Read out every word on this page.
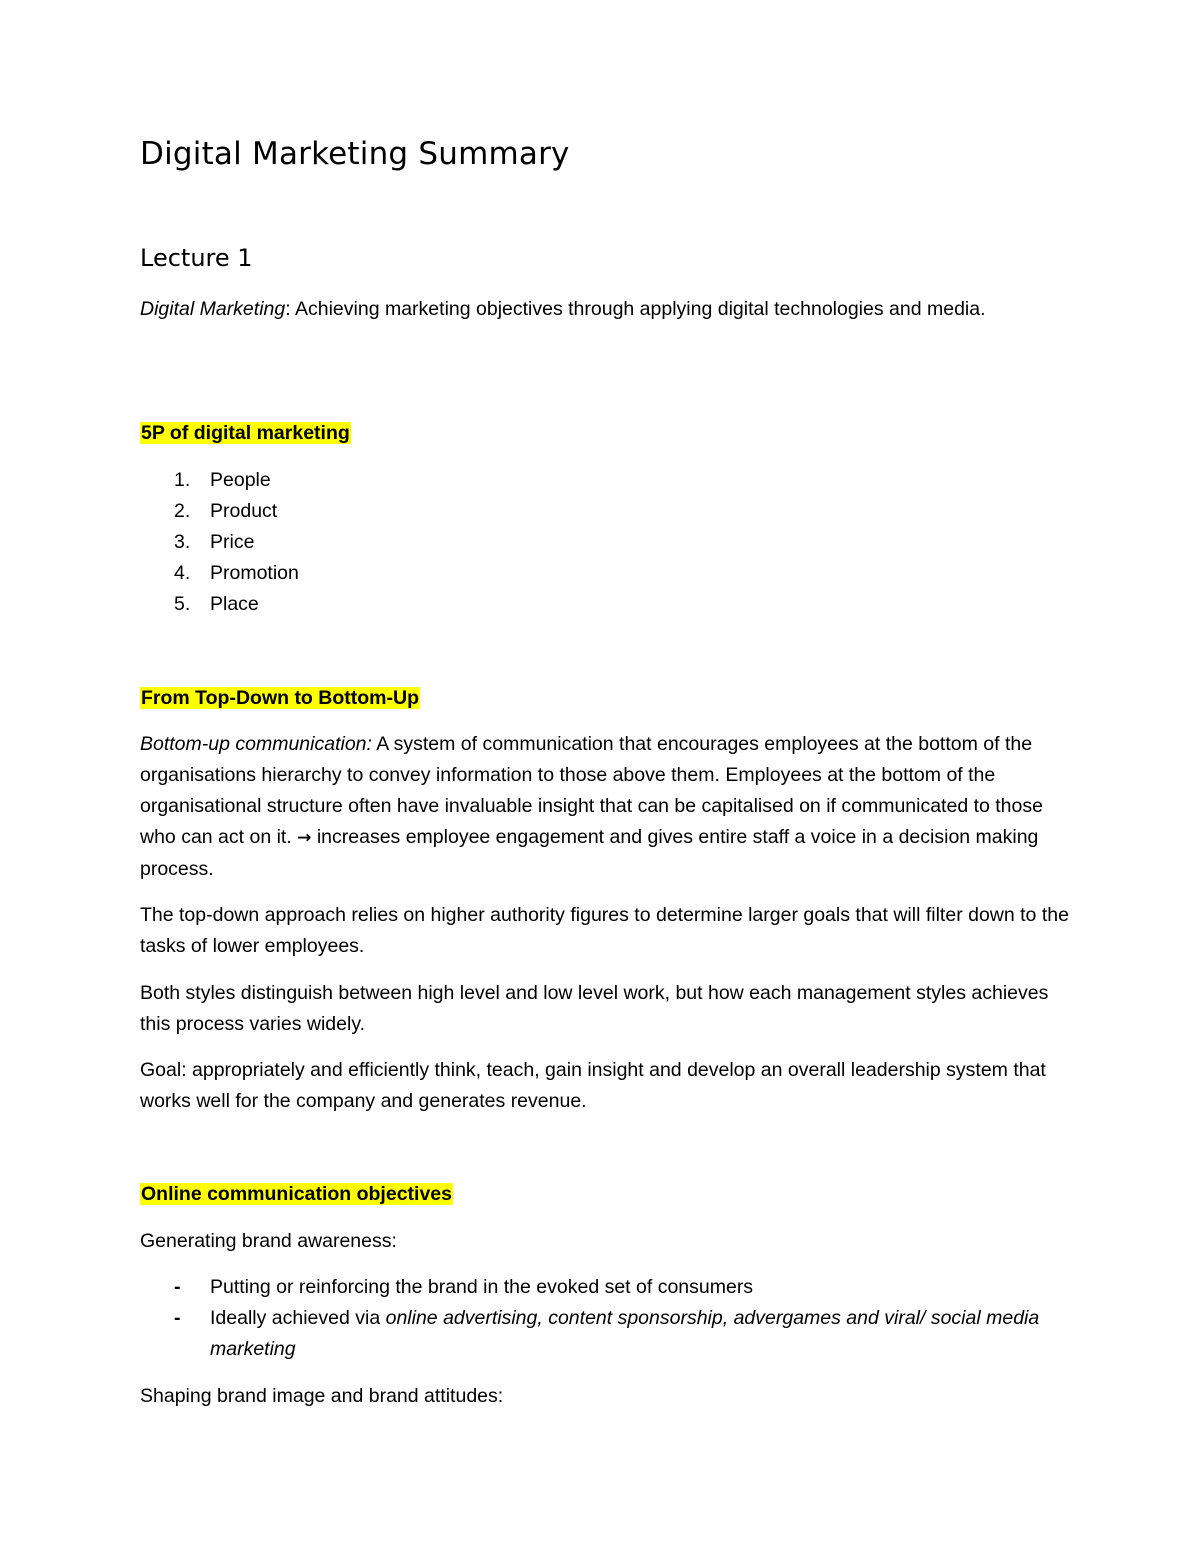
Digital Marketing Summary
Lecture 1

Digital Marketing: Achieving marketing objectives through applying digital technologies and media.

5P of digital marketing

1. People
2. Product
3. Price
4. Promotion
5. Place

From Top-Down to Bottom-Up

Bottom-up communication: A system of communication that encourages employees at the bottom of the organisations hierarchy to convey information to those above them. Employees at the bottom of the organisational structure often have invaluable insight that can be capitalised on if communicated to those who can act on it. → increases employee engagement and gives entire staff a voice in a decision making process.

The top-down approach relies on higher authority figures to determine larger goals that will filter down to the tasks of lower employees.

Both styles distinguish between high level and low level work, but how each management styles achieves this process varies widely.

Goal: appropriately and efficiently think, teach, gain insight and develop an overall leadership system that works well for the company and generates revenue.

Online communication objectives

Generating brand awareness:

- Putting or reinforcing the brand in the evoked set of consumers
- Ideally achieved via online advertising, content sponsorship, advergames and viral/ social media marketing

Shaping brand image and brand attitudes:
